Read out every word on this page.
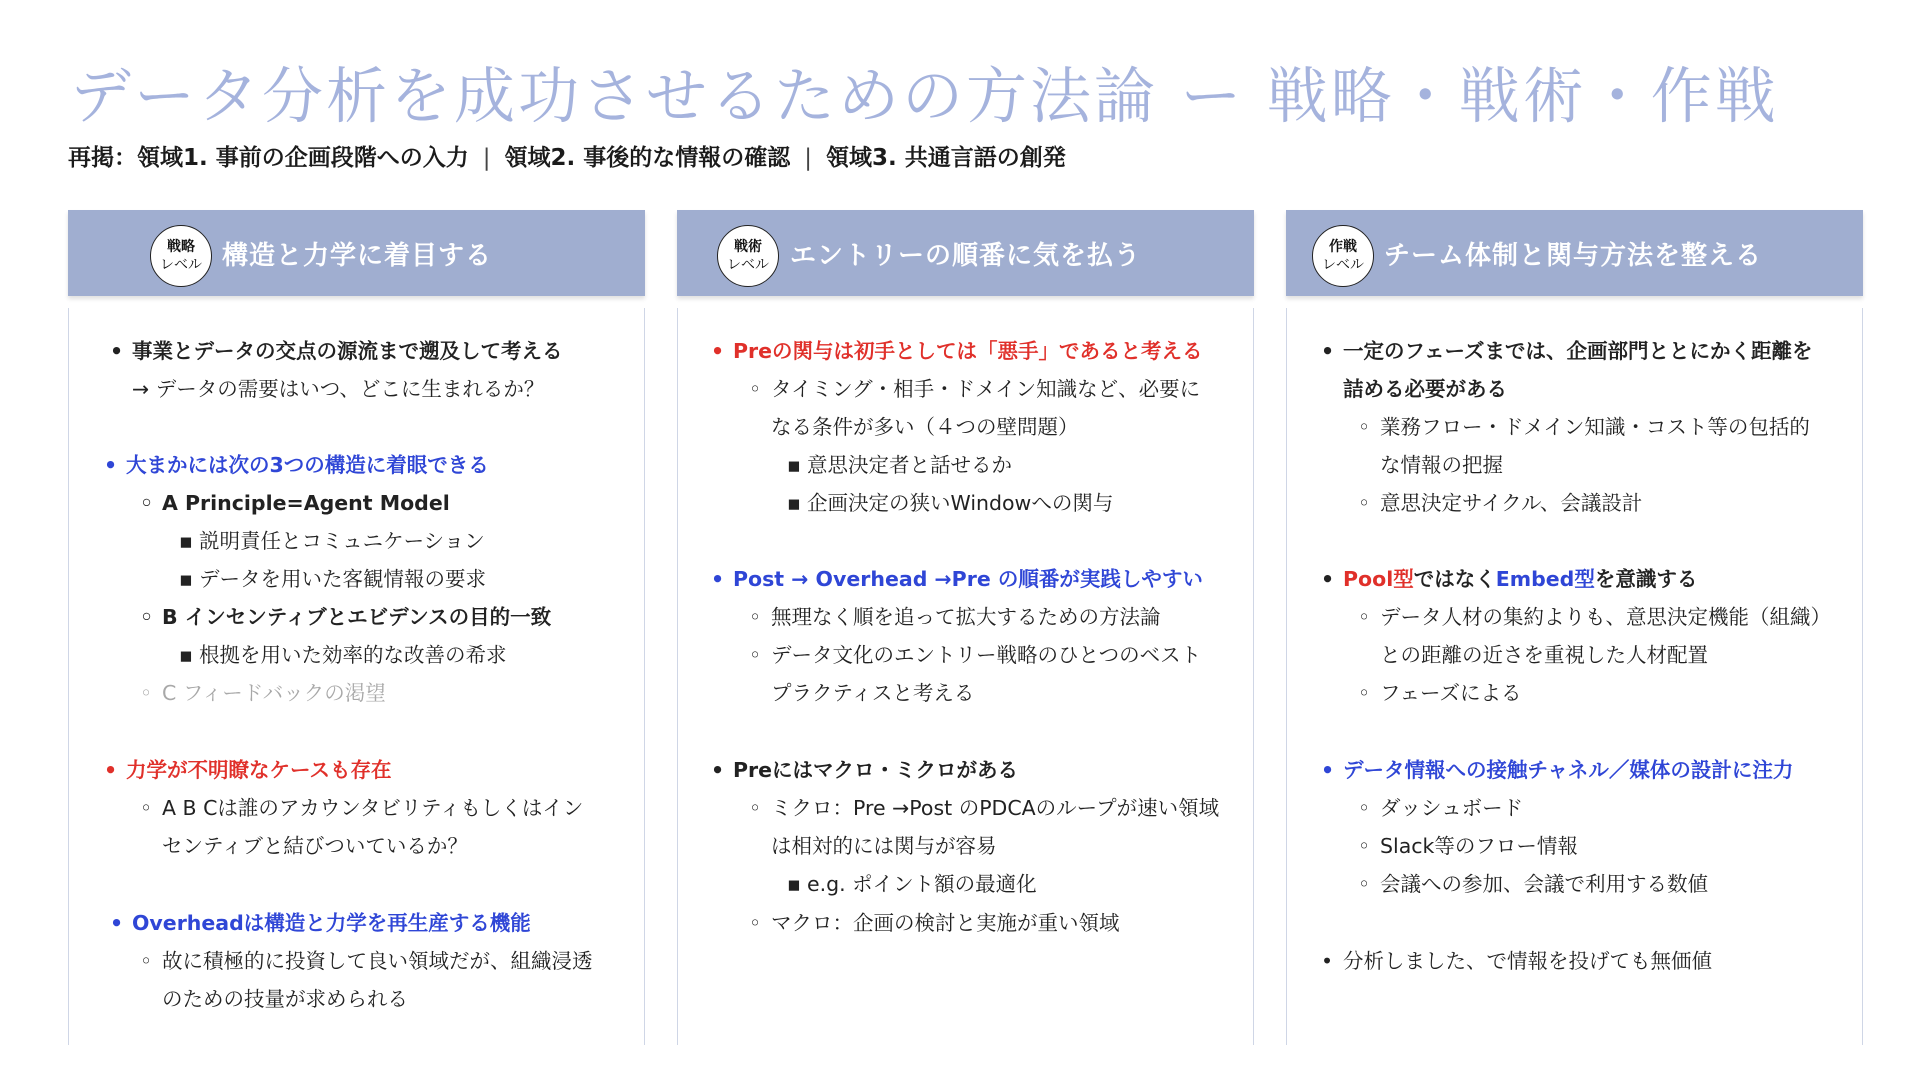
データ分析を成功させるための方法論 ー 戦略・戦術・作戦
再掲：領域1. 事前の企画段階への入力 | 領域2. 事後的な情報の確認 | 領域3. 共通言語の創発
戦略
レベル 構造と力学に着目する
• 事業とデータの交点の源流まで遡及して考える
→ データの需要はいつ、どこに生まれるか？
• 大まかには次の3つの構造に着眼できる
◦ A Principle=Agent Model
▪ 説明責任とコミュニケーション
▪ データを用いた客観情報の要求
◦ B インセンティブとエビデンスの目的一致
▪ 根拠を用いた効率的な改善の希求
◦ C フィードバックの渇望
• 力学が不明瞭なケースも存在
◦ A B Cは誰のアカウンタビリティもしくはイン
センティブと結びついているか？
• Overheadは構造と力学を再生産する機能
◦ 故に積極的に投資して良い領域だが、組織浸透
のための技量が求められる
戦術
レベル エントリーの順番に気を払う
• Preの関与は初手としては「悪手」であると考える
◦ タイミング・相手・ドメイン知識など、必要に
なる条件が多い（４つの壁問題）
▪ 意思決定者と話せるか
▪ 企画決定の狭いWindowへの関与
• Post → Overhead →Pre の順番が実践しやすい
◦ 無理なく順を追って拡大するための方法論
◦ データ文化のエントリー戦略のひとつのベスト
プラクティスと考える
• Preにはマクロ・ミクロがある
◦ ミクロ：Pre →Post のPDCAのループが速い領域
は相対的には関与が容易
▪ e.g. ポイント額の最適化
◦ マクロ：企画の検討と実施が重い領域
作戦
レベル チーム体制と関与方法を整える
• 一定のフェーズまでは、企画部門ととにかく距離を
詰める必要がある
◦ 業務フロー・ドメイン知識・コスト等の包括的
な情報の把握
◦ 意思決定サイクル、会議設計
• Pool型ではなくEmbed型を意識する
◦ データ人材の集約よりも、意思決定機能（組織）
との距離の近さを重視した人材配置
◦ フェーズによる
• データ情報への接触チャネル／媒体の設計に注力
◦ ダッシュボード
◦ Slack等のフロー情報
◦ 会議への参加、会議で利用する数値
• 分析しました、で情報を投げても無価値
